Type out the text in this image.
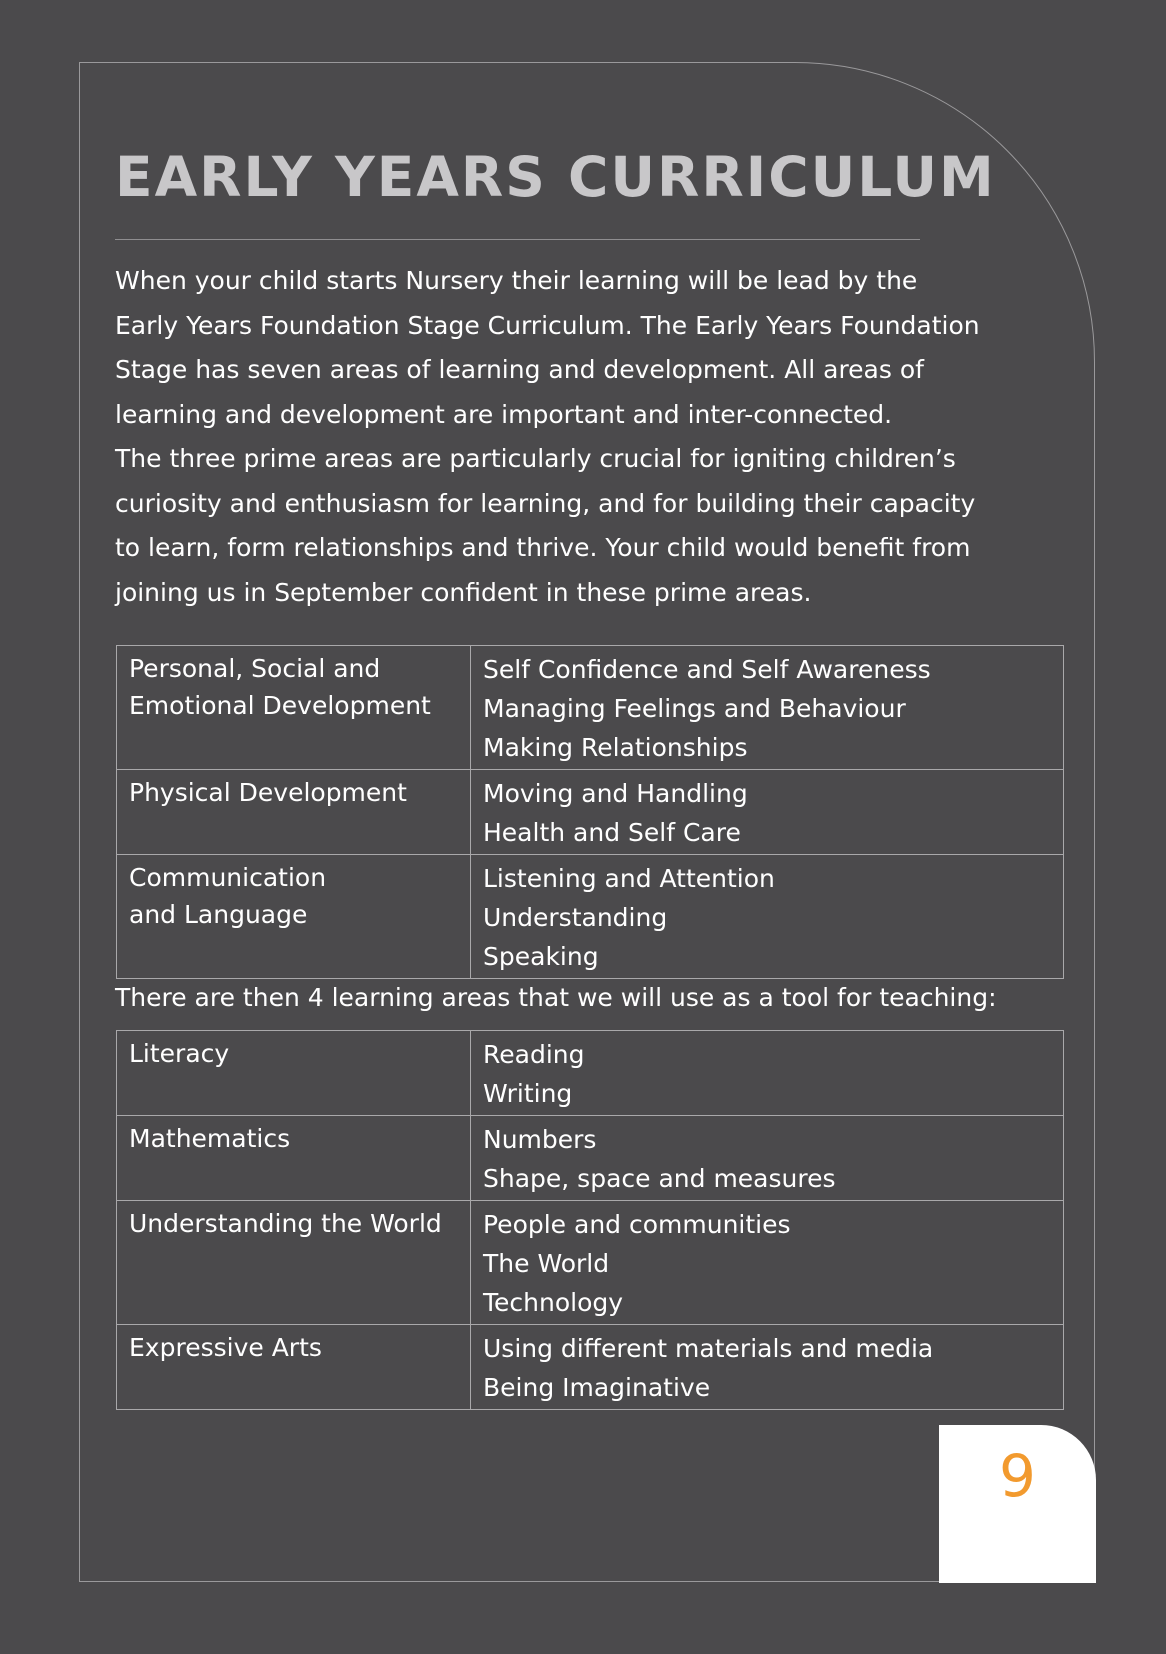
EARLY YEARS CURRICULUM

When your child starts Nursery their learning will be lead by the
Early Years Foundation Stage Curriculum. The Early Years Foundation
Stage has seven areas of learning and development. All areas of
learning and development are important and inter-connected.
The three prime areas are particularly crucial for igniting children’s
curiosity and enthusiasm for learning, and for building their capacity
to learn, form relationships and thrive. Your child would benefit from
joining us in September confident in these prime areas.

Personal, Social and
Emotional Development	Self Confidence and Self Awareness
Managing Feelings and Behaviour
Making Relationships

Physical Development	Moving and Handling
Health and Self Care

Communication
and Language	Listening and Attention
Understanding
Speaking

There are then 4 learning areas that we will use as a tool for teaching:

Literacy	Reading
Writing

Mathematics	Numbers
Shape, space and measures

Understanding the World	People and communities
The World
Technology

Expressive Arts	Using different materials and media
Being Imaginative
9
